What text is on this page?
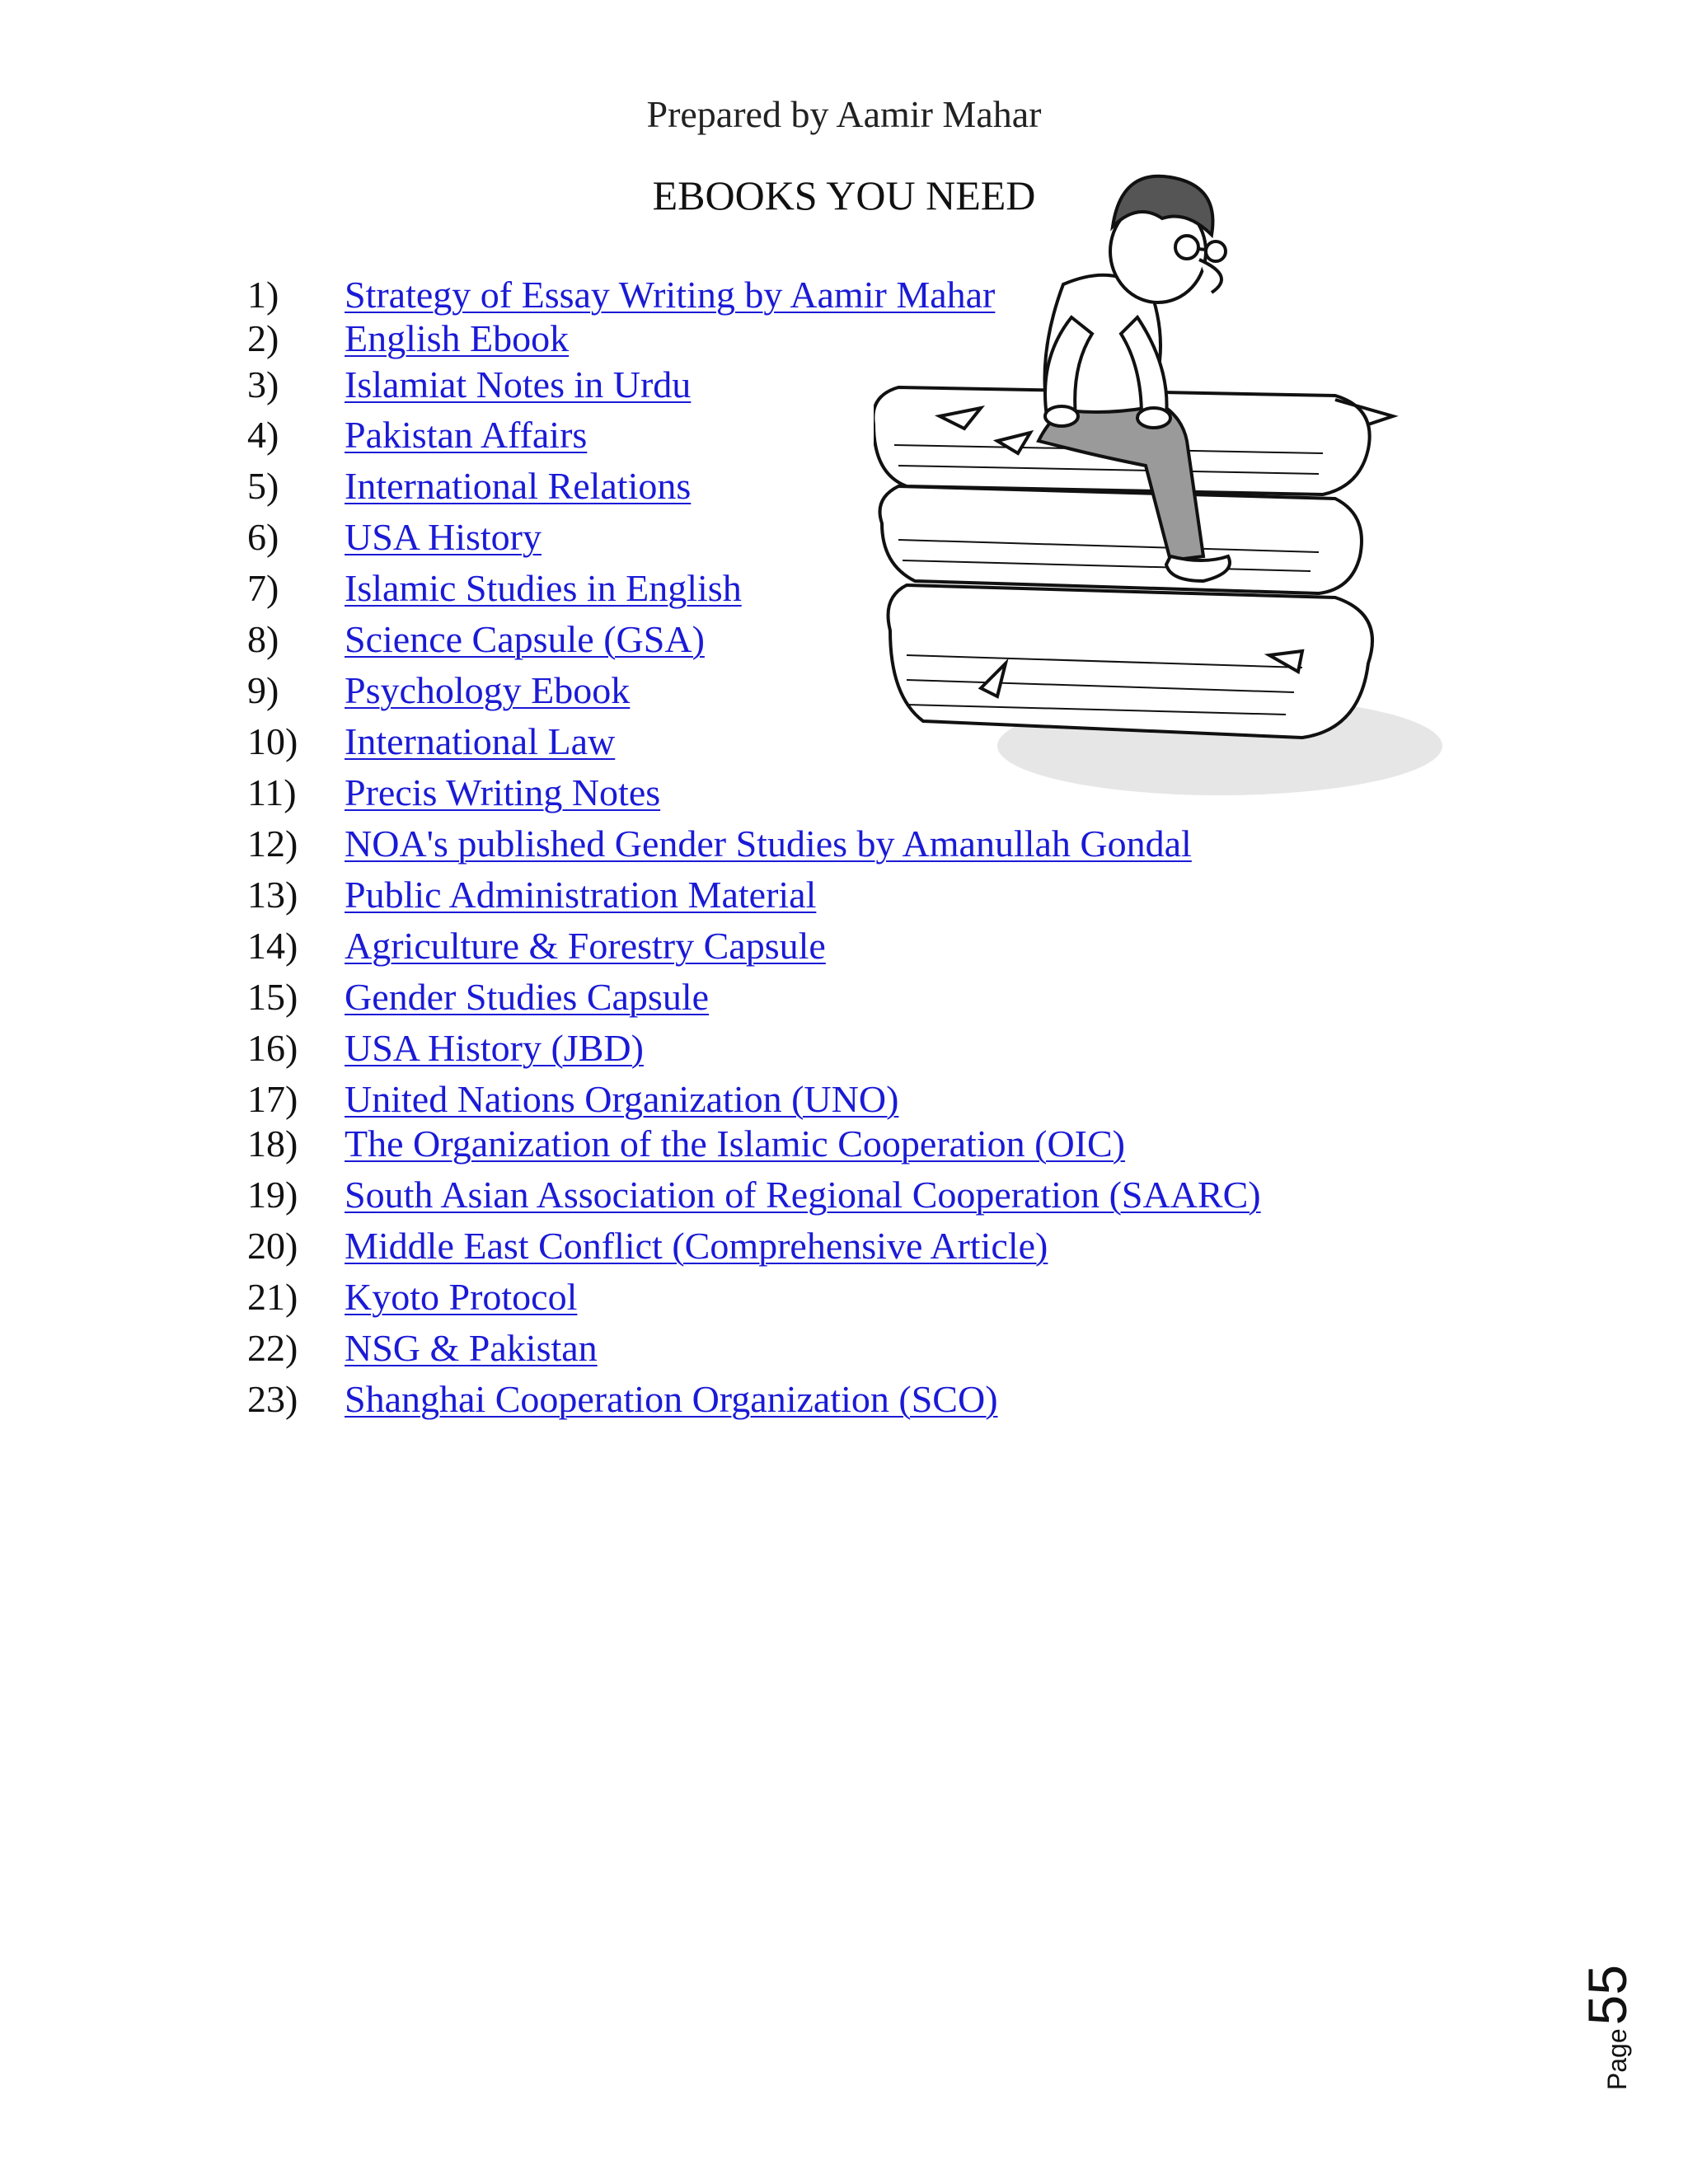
Prepared by Aamir Mahar
EBOOKS YOU NEED
1)	Strategy of Essay Writing by Aamir Mahar
2)	English Ebook
3)	Islamiat Notes in Urdu
4)	Pakistan Affairs
5)	International Relations
6)	USA History
7)	Islamic Studies in English
8)	Science Capsule (GSA)
9)	Psychology Ebook
10)	International Law
11)	Precis Writing Notes
12)	NOA's published Gender Studies by Amanullah Gondal
13)	Public Administration Material
14)	Agriculture & Forestry Capsule
15)	Gender Studies Capsule
16)	USA History (JBD)
17)	United Nations Organization (UNO)
18)	The Organization of the Islamic Cooperation (OIC)
19)	South Asian Association of Regional Cooperation (SAARC)
20)	Middle East Conflict (Comprehensive Article)
21)	Kyoto Protocol
22)	NSG & Pakistan
23)	Shanghai Cooperation Organization (SCO)
Page55
